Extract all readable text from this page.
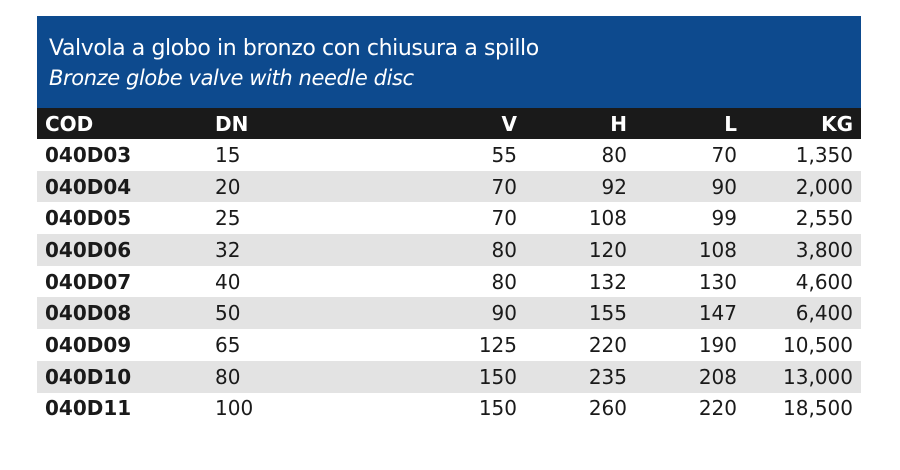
Valvola a globo in bronzo con chiusura a spillo
Bronze globe valve with needle disc
COD	DN	V	H	L	KG
040D03	15	55	80	70	1,350
040D04	20	70	92	90	2,000
040D05	25	70	108	99	2,550
040D06	32	80	120	108	3,800
040D07	40	80	132	130	4,600
040D08	50	90	155	147	6,400
040D09	65	125	220	190	10,500
040D10	80	150	235	208	13,000
040D11	100	150	260	220	18,500
